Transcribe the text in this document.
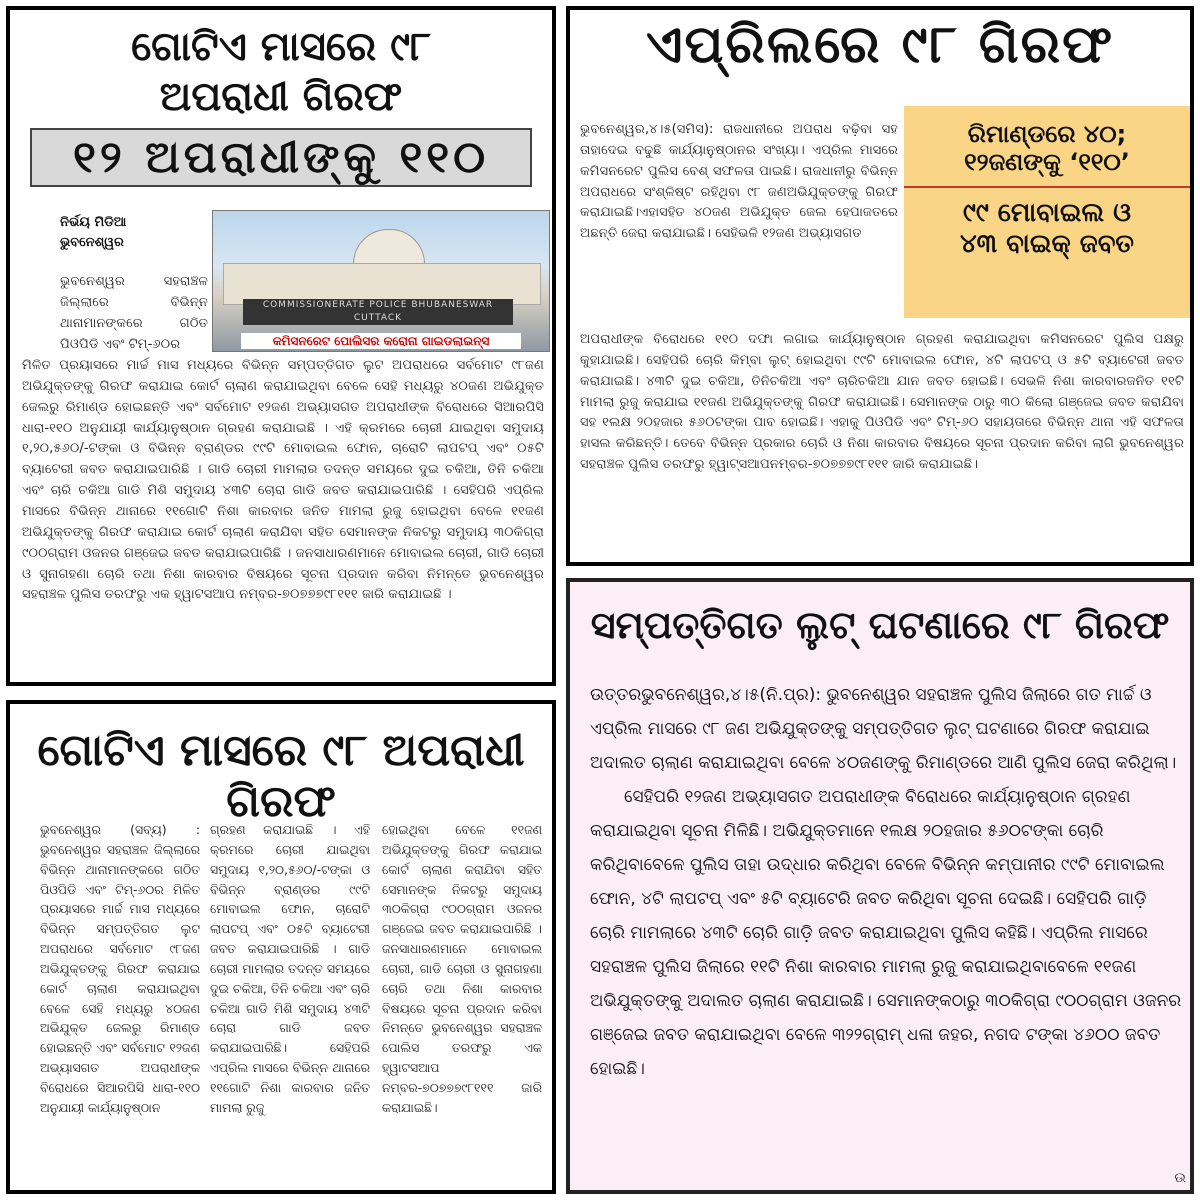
ଗୋଟିଏ ମାସରେ ୯୮
ଅପରାଧୀ ଗିରଫ
୧୨ ଅପରାଧୀଙ୍କୁ ୧୧୦
ନିର୍ଭୟ ମିଡିଆ
ଭୁବନେଶ୍ୱର
COMMISSIONERATE POLICE BHUBANESWAR CUTTACK
କମିସନରେଟ ପୋଲିସର କରୋନା ଗାଇଡଲାଇନ୍ସ
ଭୁବନେଶ୍ୱର ସହରାଞ୍ଚଳ ଜିଲ୍ଲାରେ ବିଭିନ୍ନ ଥାନାମାନଙ୍କରେ ଗଠିତ ପିଓପିଡି ଏବଂ ଟିମ୍-୬୦ର
ମିଳିତ ପ୍ରୟାସରେ ମାର୍ଚ୍ଚ ମାସ ମଧ୍ୟରେ ବିଭିନ୍ନ ସମ୍ପତ୍ତିଗତ ଲୁଟ ଅପରାଧରେ ସର୍ବମୋଟ ୯୮ଜଣ ଅଭିଯୁକ୍ତଙ୍କୁ ଗିରଫ କରାଯାଇ କୋର୍ଟ ଚାଲାଣ କରାଯାଇଥିବା ବେଳେ ସେହି ମଧ୍ୟରୁ ୪୦ଜଣ ଅଭିଯୁକ୍ତ ଜେଲରୁ ରିମାଣ୍ଡ ହୋଇଛନ୍ତି ଏବଂ ସର୍ବମୋଟ ୧୨ଜଣ ଅଭ୍ୟାସଗତ ଅପରାଧୀଙ୍କ ବିରୋଧରେ ସିଆରପିସି ଧାରା-୧୧୦ ଅନୁଯାୟୀ କାର୍ଯ୍ୟାନୁଷ୍ଠାନ ଗ୍ରହଣ କରାଯାଇଛି । ଏହି କ୍ରମରେ ଚୋରୀ ଯାଇଥିବା ସମୁଦାୟ ୧,୨୦,୫୬୦/-ଟଙ୍କା ଓ ବିଭିନ୍ନ ବ୍ରାଣ୍ଡର ୯୯ଟି ମୋବାଇଲ ଫୋନ, ଚାରୋଟି ଲାପଟପ୍ ଏବଂ ୦୫ଟି ବ୍ୟାଟେରୀ ଜବତ କରାଯାଇପାରିଛି । ଗାଡି ଚୋରୀ ମାମଲାର ତଦନ୍ତ ସମୟରେ ଦୁଇ ଚକିଆ, ତିନି ଚକିଆ ଏବଂ ଚାରି ଚକିଆ ଗାଡି ମିଶି ସମୁଦାୟ ୪୩ଟି ଚୋରା ଗାଡି ଜବତ କରାଯାଇପାରିଛି । ସେହିପରି ଏପ୍ରିଲ ମାସରେ ବିଭିନ୍ନ ଥାନାରେ ୧୧ଗୋଟି ନିଶା କାରବାର ଜନିତ ମାମଲା ରୁଜୁ ହୋଇଥିବା ବେଳେ ୧୧ଜଣ ଅଭିଯୁକ୍ତଙ୍କୁ ଗିରଫ କରାଯାଇ କୋର୍ଟ ଚାଲାଣ କରାଯିବା ସହିତ ସେମାନଙ୍କ ନିକଟରୁ ସମୁଦାୟ ୩୦କିଗ୍ରା ୯୦୦ଗ୍ରାମ ଓଜନର ଗଞ୍ଜେଇ ଜବତ କରାଯାଇପାରିଛି । ଜନସାଧାରଣମାନେ ମୋବାଇଲ ଚୋରୀ, ଗାଡି ଚୋରୀ ଓ ସୁନାଗହଣା ଚୋରି ତଥା ନିଶା କାରବାର ବିଷୟରେ ସୂଚନା ପ୍ରଦାନ କରିବା ନିମନ୍ତେ ଭୁବନେଶ୍ୱର ସହରାଞ୍ଚଳ ପୁଲିସ ତରଫରୁ ଏକ ହ୍ୱାଟସଆପ ନମ୍ବର-୭୦୭୭୭୯୮୧୧୧ ଜାରି କରାଯାଇଛି ।
ଏପ୍ରିଲରେ ୯୮ ଗିରଫ
ଭୁବନେଶ୍ୱର,୪।୫(ସମିସ): ରାଜଧାନୀରେ ଅପରାଧ ବଢ଼ିବା ସହ ତାହାଦେଇ ବଢୁଛି କାର୍ଯ୍ୟାନୁଷ୍ଠାନର ସଂଖ୍ୟା। ଏପ୍ରିଲ ମାସରେ କମିସନରେଟ ପୁଲିସ ବେଶ୍ ସଫଳତା ପାଇଛି। ରାଜଧାନୀରୁ ବିଭିନ୍ନ ଅପରାଧରେ ସଂଶ୍ଳିଷ୍ଟ ରହିଥିବା ୯୮ ଜଣଅଭିଯୁକ୍ତଙ୍କୁ ଗିରଫ କରାଯାଇଛି।ଏହାସହିତ ୪୦ଜଣ ଅଭିଯୁକ୍ତ ଜେଲ ହେପାଜତରେ ଅଛନ୍ତି ଜେରା କରାଯାଇଛି। ସେହିଭଳି ୧୨ଜଣ ଅଭ୍ୟାସଗତ
ରିମାଣ୍ଡରେ ୪୦;
୧୨ଜଣଙ୍କୁ ‘୧୧୦’
୯୯ ମୋବାଇଲ ଓ
୪୩ ବାଇକ୍ ଜବତ
ଅପରାଧୀଙ୍କ ବିରୋଧରେ ୧୧୦ ଦଫା ଲଗାଇ କାର୍ଯ୍ୟାନୁଷ୍ଠାନ ଗ୍ରହଣ କରାଯାଇଥିବା କମିସନରେଟ ପୁଲିସ ପକ୍ଷରୁ କୁହାଯାଇଛି। ସେହିପରି ଚୋରି କିମ୍ବା ଲୁଟ୍ ହୋଇଥିବା ୯୯ଟି ମୋବାଇଲ ଫୋନ, ୪ଟି ଲାପଟପ୍ ଓ ୫ଟି ବ୍ୟାଟେରୀ ଜବତ କରାଯାଇଛି। ୪୩ଟି ଦୁଇ ଚକିଆ, ତିନିଚକିଆ ଏବଂ ଚାରିଚକିଆ ଯାନ ଜବତ ହୋଇଛି। ସେଭଳି ନିଶା କାରବାରଜନିତ ୧୧ଟି ମାମଲା ରୁଜୁ କରାଯାଇ ୧୧ଜଣ ଅଭିଯୁକ୍ତଙ୍କୁ ଗିରଫ କରାଯାଇଛି। ସେମାନଙ୍କ ଠାରୁ ୩୦ କିଲୋ ଗଞ୍ଜେଇ ଜବତ କରାଯିବା ସହ ୧ଲକ୍ଷ ୨୦ହଜାର ୫୬୦ଟଙ୍କା ପାବ ହୋଇଛି। ଏହାକୁ ପିଓପିଡି ଏବଂ ଟିମ୍-୬୦ ସହାୟତାରେ ବିଭିନ୍ନ ଥାନା ଏହି ସଫଳତା ହାସଲ କରିଛନ୍ତି। ତେବେ ବିଭିନ୍ନ ପ୍ରକାର ଚୋରି ଓ ନିଶା କାରବାର ବିଷୟରେ ସୂଚନା ପ୍ରଦାନ କରିବା ଲାଗି ଭୁବନେଶ୍ୱର ସହରାଞ୍ଚଳ ପୁଲିସ ତରଫରୁ ହ୍ୱାଟ୍ସଆପନମ୍ବର-୭୦୭୭୭୯୮୧୧୧ ଜାରି କରାଯାଇଛି।
ଗୋଟିଏ ମାସରେ ୯୮ ଅପରାଧୀ ଗିରଫ
ଭୁବନେଶ୍ୱର (ସବ୍ୟ) : ଭୁବନେଶ୍ୱର ସହରାଞ୍ଚଳ ଜିଲ୍ଲାରେ ବିଭିନ୍ନ ଥାନାମାନଙ୍କରେ ଗଠିତ ପିଓପିଡି ଏବଂ ଟିମ୍-୬୦ର ମିଳିତ ପ୍ରୟାସରେ ମାର୍ଚ୍ଚ ମାସ ମଧ୍ୟରେ ବିଭିନ୍ନ ସମ୍ପତ୍ତିଗତ ଲୁଟ ଅପରାଧରେ ସର୍ବମୋଟ ୯୮ଜଣ ଅଭିଯୁକ୍ତଙ୍କୁ ଗିରଫ କରାଯାଇ କୋର୍ଟ ଚାଲାଣ କରାଯାଇଥିବା ବେଳେ ସେହି ମଧ୍ୟରୁ ୪୦ଜଣ ଅଭିଯୁକ୍ତ ଜେଲରୁ ରିମାଣ୍ଡ ହୋଇଛନ୍ତି ଏବଂ ସର୍ବମୋଟ ୧୨ଜଣ ଅଭ୍ୟାସଗତ ଅପରାଧୀଙ୍କ ବିରୋଧରେ ସିଆରପିସି ଧାରା-୧୧୦ ଅନୁଯାୟୀ କାର୍ଯ୍ୟାନୁଷ୍ଠାନ
ଗ୍ରହଣ କରାଯାଇଛି । ଏହି କ୍ରମରେ ଚୋରୀ ଯାଇଥିବା ସମୁଦାୟ ୧,୨୦,୫୬୦/-ଟଙ୍କା ଓ ବିଭିନ୍ନ ବ୍ରାଣ୍ଡର ୯୯ଟି ମୋବାଇଲ ଫୋନ, ଚାରୋଟି ଲାପଟପ୍ ଏବଂ ୦୫ଟି ବ୍ୟାଟେରୀ ଜବତ କରାଯାଇପାରିଛି । ଗାଡି ଚୋରୀ ମାମଲାର ତଦନ୍ତ ସମୟରେ ଦୁଇ ଚକିଆ, ତିନି ଚକିଆ ଏବଂ ଚାରି ଚକିଆ ଗାଡି ମିଶି ସମୁଦାୟ ୪୩ଟି ଚୋରା ଗାଡି ଜବତ କରାଯାଇପାରିଛି। ସେହିପରି ଏପ୍ରିଲ ମାସରେ ବିଭିନ୍ନ ଥାନାରେ ୧୧ଗୋଟି ନିଶା କାରବାର ଜନିତ ମାମଲା ରୁଜୁ
ହୋଇଥିବା ବେଳେ ୧୧ଜଣ ଅଭିଯୁକ୍ତଙ୍କୁ ଗିରଫ କରାଯାଇ କୋର୍ଟ ଚାଲାଣ କରାଯିବା ସହିତ ସେମାନଙ୍କ ନିକଟରୁ ସମୁଦାୟ ୩୦କିଗ୍ରା ୯୦୦ଗ୍ରାମ ଓଜନର ଗଞ୍ଜେଇ ଜବତ କରାଯାଇପାରିଛି । ଜନସାଧାରଣମାନେ ମୋବାଇଲ ଚୋରୀ, ଗାଡି ଚୋରୀ ଓ ସୁନାଗହଣା ଚୋରି ତଥା ନିଶା କାରବାର ବିଷୟରେ ସୂଚନା ପ୍ରଦାନ କରିବା ନିମନ୍ତେ ଭୁବନେଶ୍ୱର ସହରାଞ୍ଚଳ ପୋଲିସ ତରଫରୁ ଏକ ହ୍ୱାଟସଆପ ନମ୍ବର-୭୦୭୭୭୯୮୧୧୧ ଜାରି କରାଯାଇଛି।
ସମ୍ପତ୍ତିଗତ ଲୁଟ୍ ଘଟଣାରେ ୯୮ ଗିରଫ

ଉତ୍ତରଭୁବନେଶ୍ୱର,୪।୫(ନି.ପ୍ର): ଭୁବନେଶ୍ୱର ସହରାଞ୍ଚଳ ପୁଲିସ ଜିଲାରେ ଗତ ମାର୍ଚ୍ଚ ଓ ଏପ୍ରିଲ ମାସରେ ୯୮ ଜଣ ଅଭିଯୁକ୍ତଙ୍କୁ ସମ୍ପତ୍ତିଗତ ଲୁଟ୍ ଘଟଣାରେ ଗିରଫ କରାଯାଇ ଅଦାଲତ ଚାଲାଣ କରାଯାଇଥିବା ବେଳେ ୪୦ଜଣଙ୍କୁ ରିମାଣ୍ଡରେ ଆଣି ପୁଲିସ ଜେରା କରିଥିଲା।

ସେହିପରି ୧୨ଜଣ ଅଭ୍ୟାସଗତ ଅପରାଧୀଙ୍କ ବିରୋଧରେ କାର୍ଯ୍ୟାନୁଷ୍ଠାନ ଗ୍ରହଣ କରାଯାଇଥିବା ସୂଚନା ମିଳିଛି। ଅଭିଯୁକ୍ତମାନେ ୧ଲକ୍ଷ ୨୦ହଜାର ୫୬୦ଟଙ୍କା ଚୋରି କରିଥିବାବେଳେ ପୁଲିସ ତାହା ଉଦ୍ଧାର କରିଥିବା ବେଳେ ବିଭିନ୍ନ କମ୍ପାନୀର ୯୯ଟି ମୋବାଇଲ ଫୋନ, ୪ଟି ଲାପଟପ୍ ଏବଂ ୫ଟି ବ୍ୟାଟେରି ଜବତ କରିଥିବା ସୂଚନା ଦେଇଛି। ସେହିପରି ଗାଡ଼ି ଚୋରି ମାମଲାରେ ୪୩ଟି ଚୋରି ଗାଡ଼ି ଜବତ କରାଯାଇଥିବା ପୁଲିସ କହିଛି। ଏପ୍ରିଲ ମାସରେ ସହରାଞ୍ଚଳ ପୁଲିସ ଜିଲାରେ ୧୧ଟି ନିଶା କାରବାର ମାମଲା ରୁଜୁ କରାଯାଇଥିବାବେଳେ ୧୧ଜଣ ଅଭିଯୁକ୍ତଙ୍କୁ ଅଦାଲତ ଚାଲାଣ କରାଯାଇଛି। ସେମାନଙ୍କଠାରୁ ୩୦କିଗ୍ରା ୯୦୦ଗ୍ରାମ ଓଜନର ଗଞ୍ଜେଇ ଜବତ କରାଯାଇଥିବା ବେଳେ ୩୨୨ଗ୍ରାମ୍ ଧଳା ଜହର, ନଗଦ ଟଙ୍କା ୪୬୦୦ ଜବତ ହୋଇଛି।

ଉ
